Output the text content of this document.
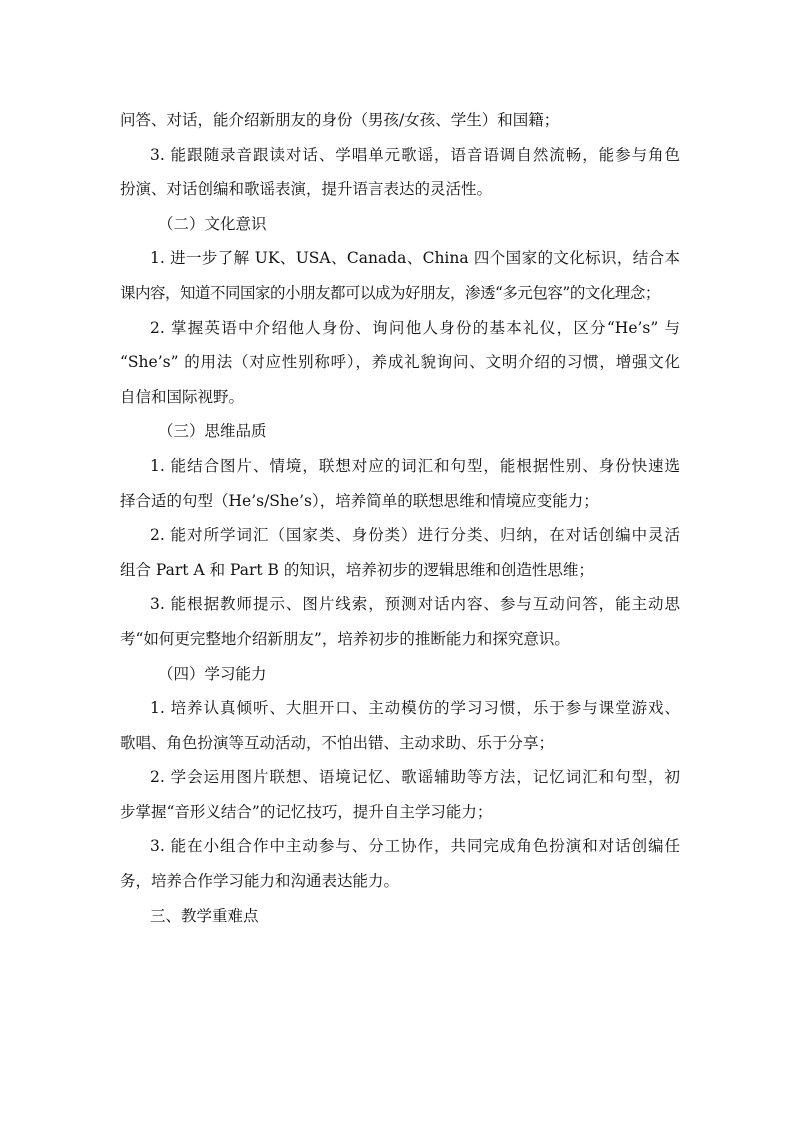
问答、对话，能介绍新朋友的身份（男孩/女孩、学生）和国籍；
3. 能跟随录音跟读对话、学唱单元歌谣，语音语调自然流畅，能参与角色
扮演、对话创编和歌谣表演，提升语言表达的灵活性。
（二）文化意识
1. 进一步了解 UK、USA、Canada、China 四个国家的文化标识，结合本
课内容，知道不同国家的小朋友都可以成为好朋友，渗透“多元包容”的文化理念；
2. 掌握英语中介绍他人身份、询问他人身份的基本礼仪，区分“He’s” 与
“She’s” 的用法（对应性别称呼），养成礼貌询问、文明介绍的习惯，增强文化
自信和国际视野。
（三）思维品质
1. 能结合图片、情境，联想对应的词汇和句型，能根据性别、身份快速选
择合适的句型（He’s/She’s），培养简单的联想思维和情境应变能力；
2. 能对所学词汇（国家类、身份类）进行分类、归纳，在对话创编中灵活
组合 Part A 和 Part B 的知识，培养初步的逻辑思维和创造性思维；
3. 能根据教师提示、图片线索，预测对话内容、参与互动问答，能主动思
考“如何更完整地介绍新朋友”，培养初步的推断能力和探究意识。
（四）学习能力
1. 培养认真倾听、大胆开口、主动模仿的学习习惯，乐于参与课堂游戏、
歌唱、角色扮演等互动活动，不怕出错、主动求助、乐于分享；
2. 学会运用图片联想、语境记忆、歌谣辅助等方法，记忆词汇和句型，初
步掌握“音形义结合”的记忆技巧，提升自主学习能力；
3. 能在小组合作中主动参与、分工协作，共同完成角色扮演和对话创编任
务，培养合作学习能力和沟通表达能力。
三、教学重难点
